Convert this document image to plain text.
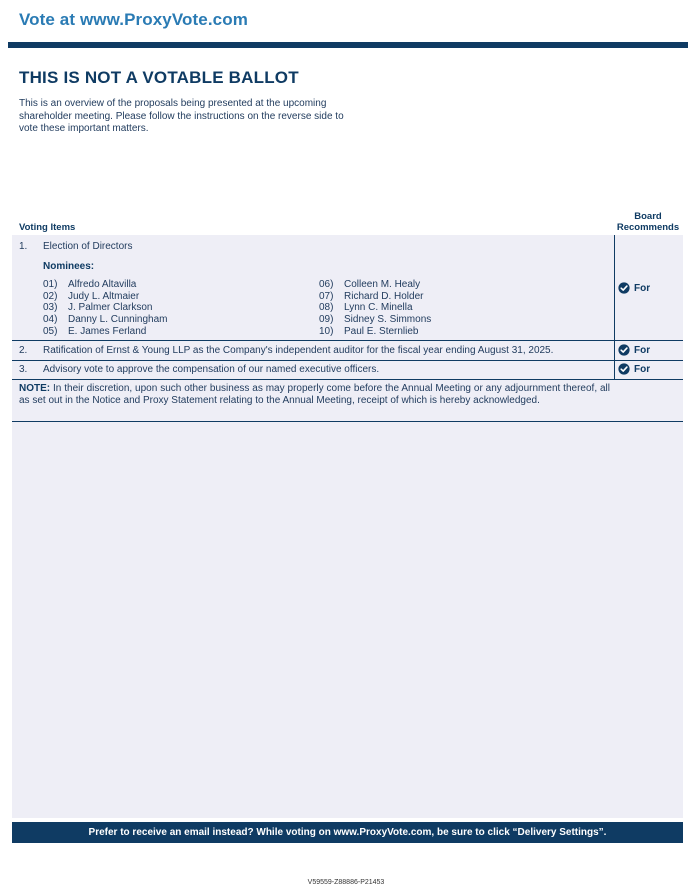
Vote at www.ProxyVote.com
THIS IS NOT A VOTABLE BALLOT
This is an overview of the proposals being presented at the upcoming shareholder meeting. Please follow the instructions on the reverse side to vote these important matters.
Voting Items
Board
Recommends
1. Election of Directors
Nominees:
01) Alfredo Altavilla
02) Judy L. Altmaier
03) J. Palmer Clarkson
04) Danny L. Cunningham
05) E. James Ferland
06) Colleen M. Healy
07) Richard D. Holder
08) Lynn C. Minella
09) Sidney S. Simmons
10) Paul E. Sternlieb
For
2. Ratification of Ernst & Young LLP as the Company's independent auditor for the fiscal year ending August 31, 2025.	For
3. Advisory vote to approve the compensation of our named executive officers.	For
NOTE: In their discretion, upon such other business as may properly come before the Annual Meeting or any adjournment thereof, all as set out in the Notice and Proxy Statement relating to the Annual Meeting, receipt of which is hereby acknowledged.
Prefer to receive an email instead? While voting on www.ProxyVote.com, be sure to click “Delivery Settings”.
V59559-Z88886-P21453
